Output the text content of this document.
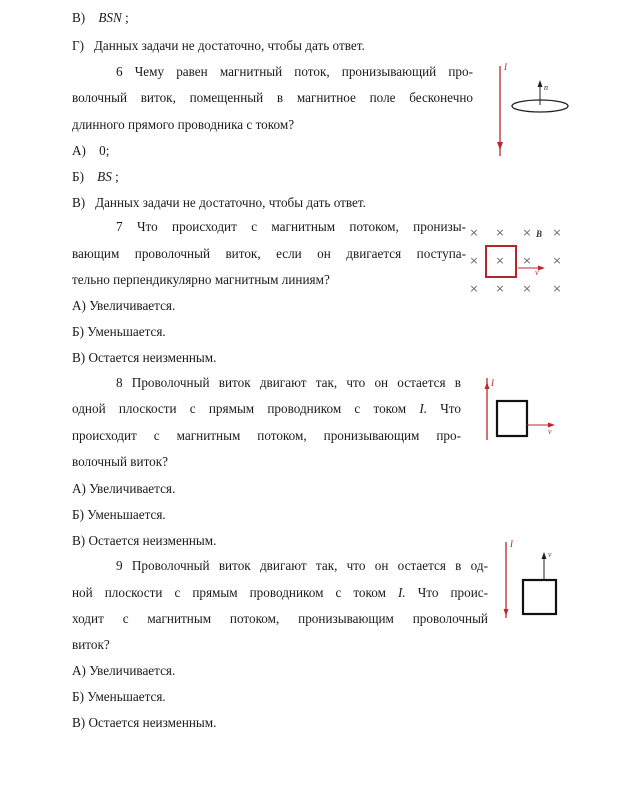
В) BSN ;
Г) Данных задачи не достаточно, чтобы дать ответ.
6 Чему равен магнитный поток, пронизывающий про-
волочный виток, помещенный в магнитное поле бесконечно
длинного прямого проводника с током?
А) 0;
Б) BS ;
В) Данных задачи не достаточно, чтобы дать ответ.
I
n
7 Что происходит с магнитным потоком, пронизы-
вающим проволочный виток, если он двигается поступа-
тельно перпендикулярно магнитным линиям?
А) Увеличивается.
Б) Уменьшается.
В) Остается неизменным.
× × × ×
× × × ×
× × × ×
B
v
8 Проволочный виток двигают так, что он остается в
одной плоскости с прямым проводником с током I. Что
происходит с магнитным потоком, пронизывающим про-
волочный виток?
А) Увеличивается.
Б) Уменьшается.
В) Остается неизменным.
I
v
9 Проволочный виток двигают так, что он остается в од-
ной плоскости с прямым проводником с током I. Что проис-
ходит с магнитным потоком, пронизывающим проволочный
виток?
А) Увеличивается.
Б) Уменьшается.
В) Остается неизменным.
I
v
